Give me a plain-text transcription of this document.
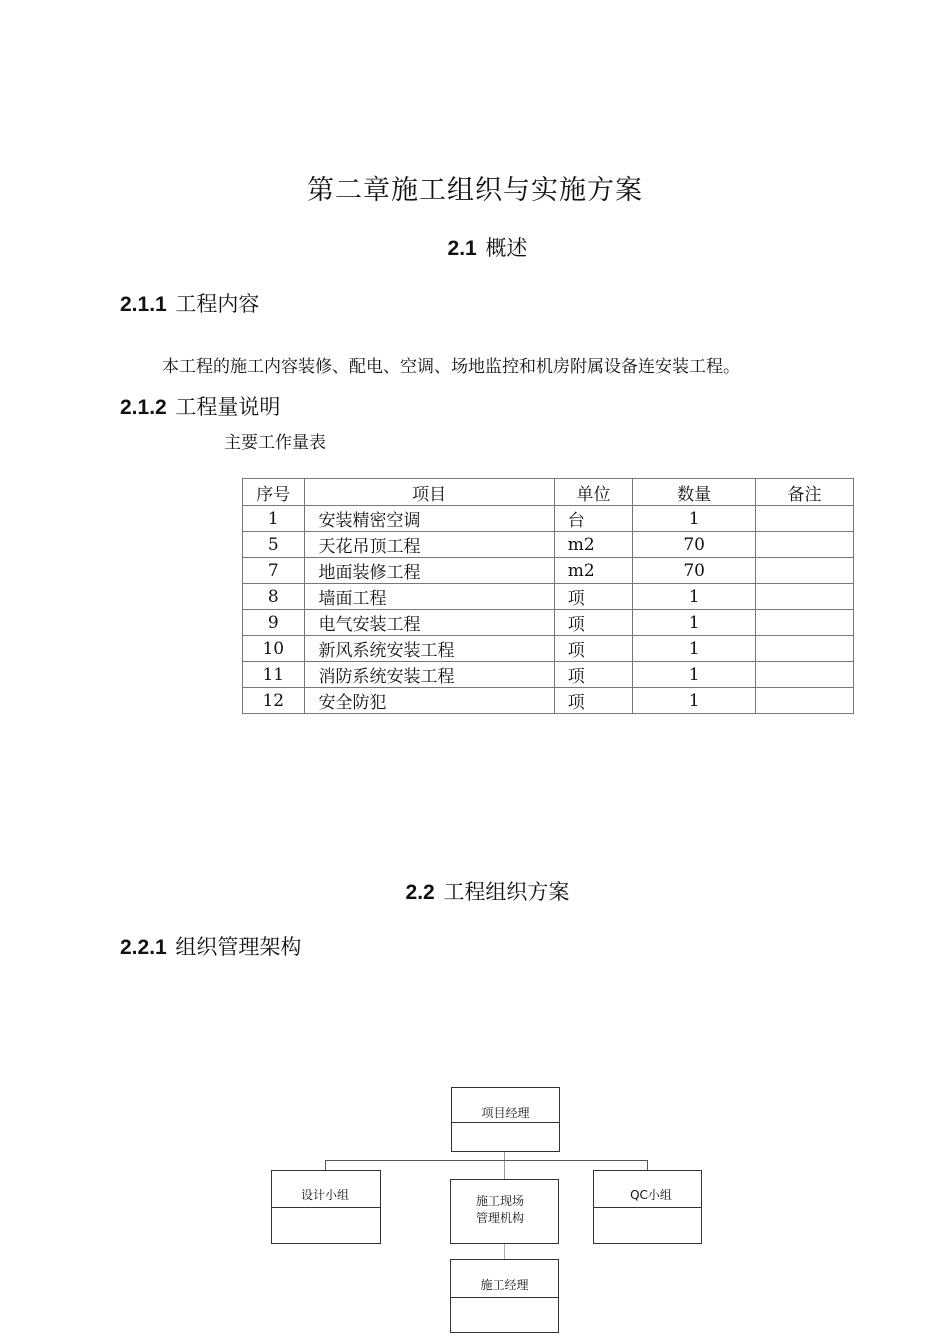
第二章施工组织与实施方案
2.1 概述
2.1.1 工程内容
本工程的施工内容装修、配电、空调、场地监控和机房附属设备连安装工程。
2.1.2 工程量说明
主要工作量表
序号	项目	单位	数量	备注
1	安装精密空调	台	1	
5	天花吊顶工程	m2	70	
7	地面装修工程	m2	70	
8	墙面工程	项	1	
9	电气安装工程	项	1	
10	新风系统安装工程	项	1	
11	消防系统安装工程	项	1	
12	安全防犯	项	1	
2.2 工程组织方案
2.2.1 组织管理架构
项目经理
设计小组	施工现场
管理机构
QC小组
施工经理
